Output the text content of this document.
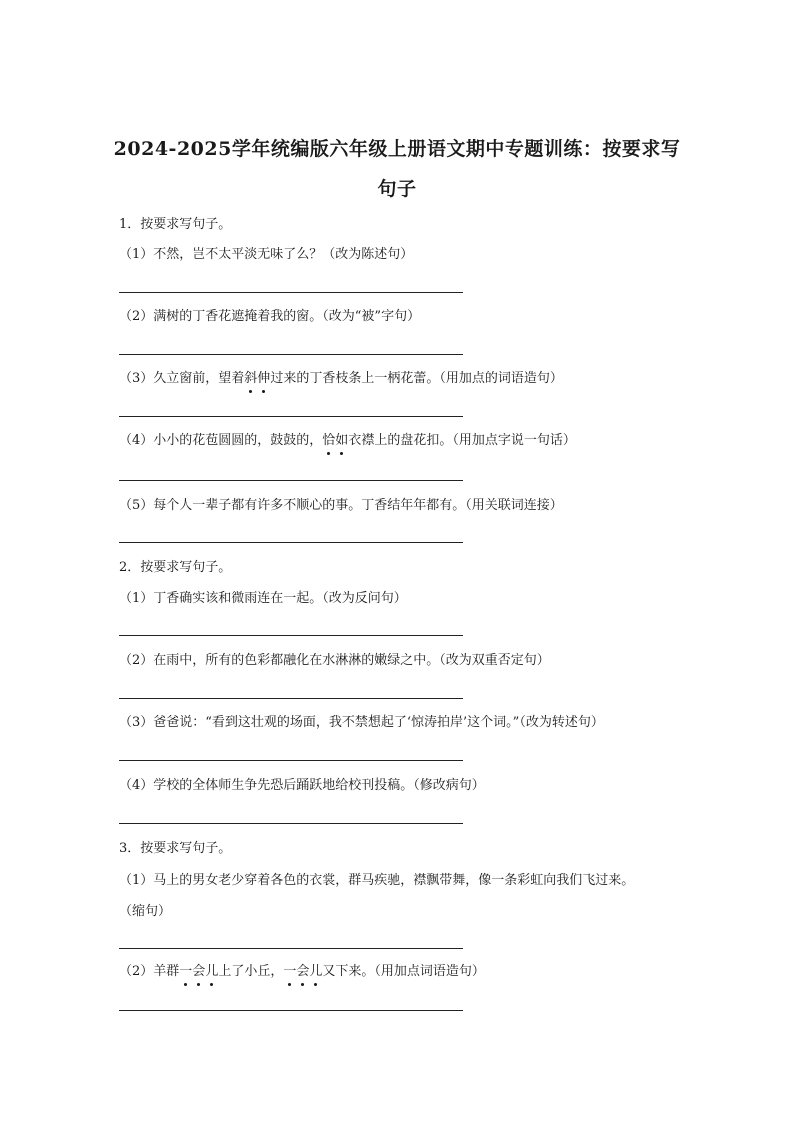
2024-2025学年统编版六年级上册语文期中专题训练：按要求写
句子

1．按要求写句子。

（1）不然，岂不太平淡无味了么？（改为陈述句）

（2）满树的丁香花遮掩着我的窗。（改为“被”字句）

（3）久立窗前，望着斜伸过来的丁香枝条上一柄花蕾。（用加点的词语造句）

（4）小小的花苞圆圆的，鼓鼓的，恰如衣襟上的盘花扣。（用加点字说一句话）

（5）每个人一辈子都有许多不顺心的事。丁香结年年都有。（用关联词连接）

2．按要求写句子。

（1）丁香确实该和微雨连在一起。（改为反问句）

（2）在雨中，所有的色彩都融化在水淋淋的嫩绿之中。（改为双重否定句）

（3）爸爸说：“看到这壮观的场面，我不禁想起了‘惊涛拍岸’这个词。”（改为转述句）

（4）学校的全体师生争先恐后踊跃地给校刊投稿。（修改病句）

3．按要求写句子。

（1）马上的男女老少穿着各色的衣裳，群马疾驰，襟飘带舞，像一条彩虹向我们飞过来。

（缩句）

（2）羊群一会儿上了小丘，一会儿又下来。（用加点词语造句）
